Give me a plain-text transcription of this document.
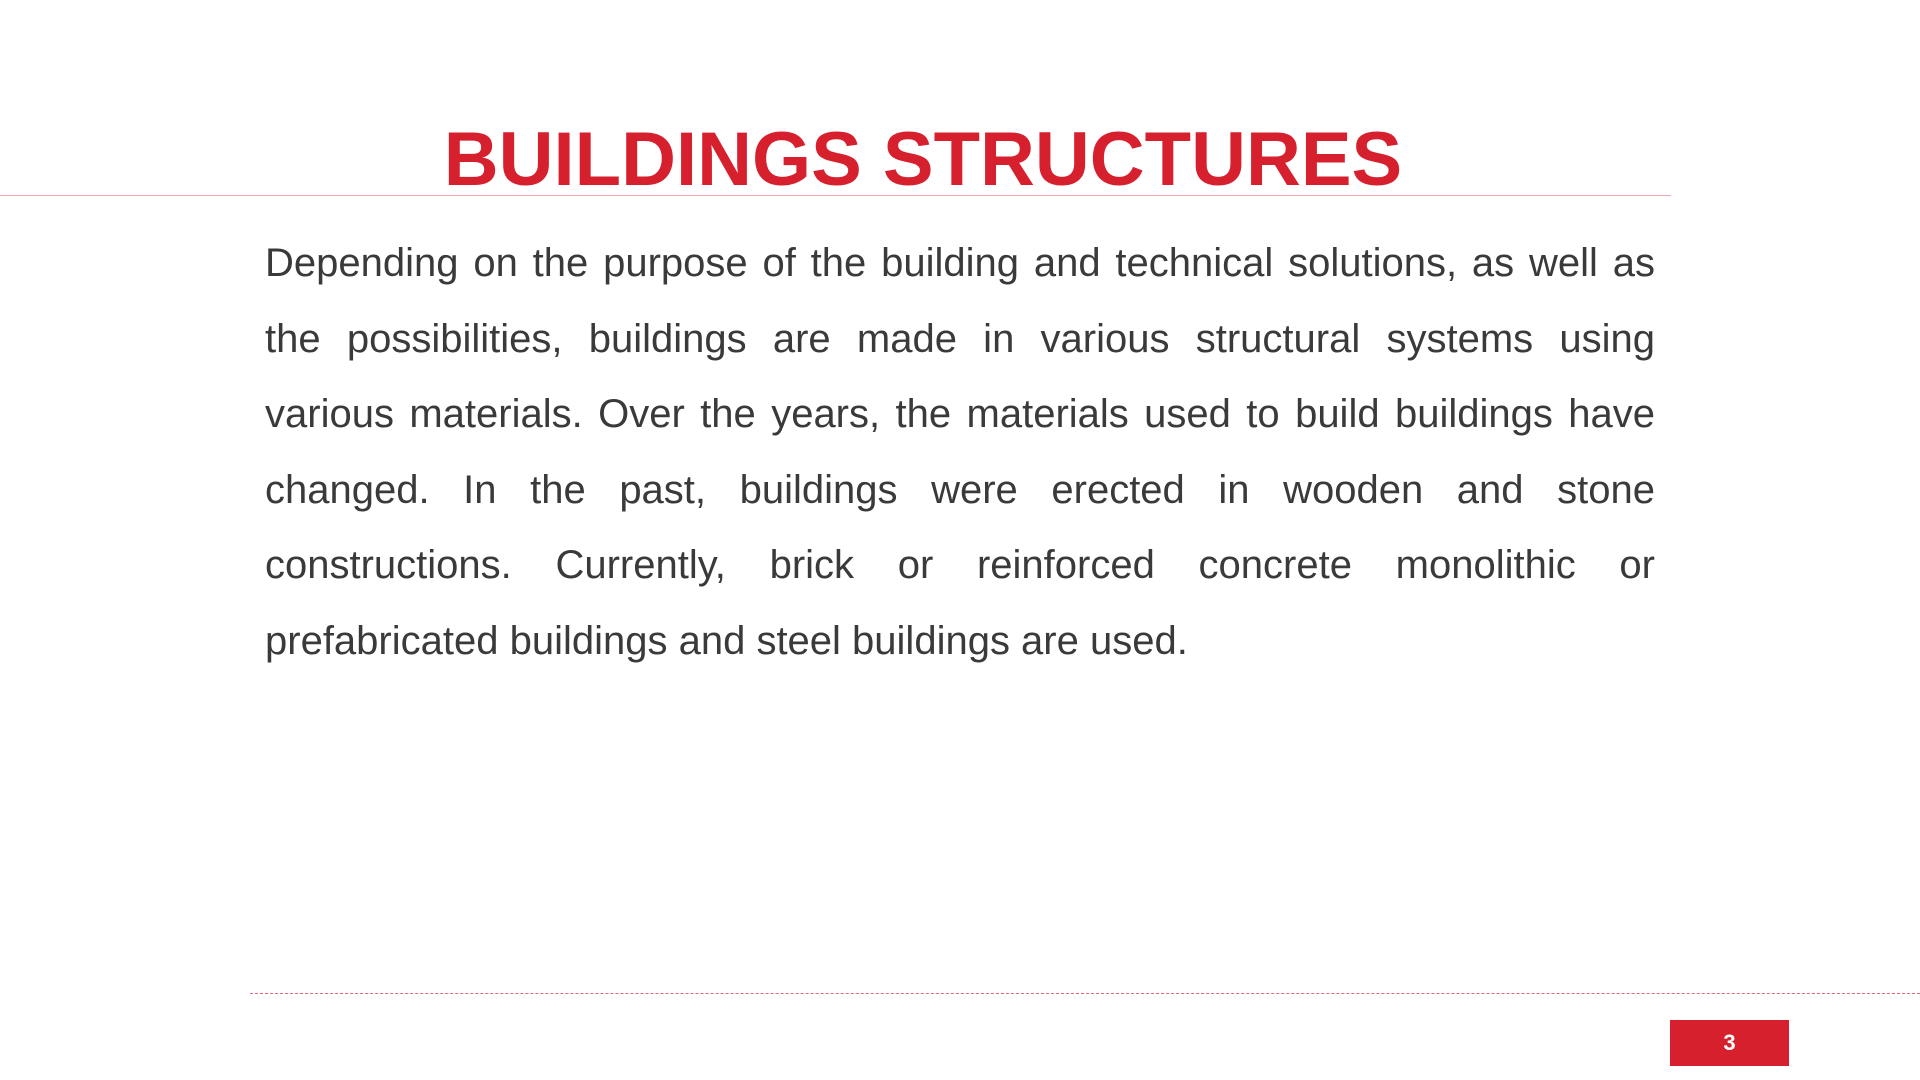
BUILDINGS STRUCTURES

Depending on the purpose of the building and technical solutions, as well as the possibilities, buildings are made in various structural systems using various materials. Over the years, the materials used to build buildings have changed. In the past, buildings were erected in wooden and stone constructions. Currently, brick or reinforced concrete monolithic or prefabricated buildings and steel buildings are used.

3
